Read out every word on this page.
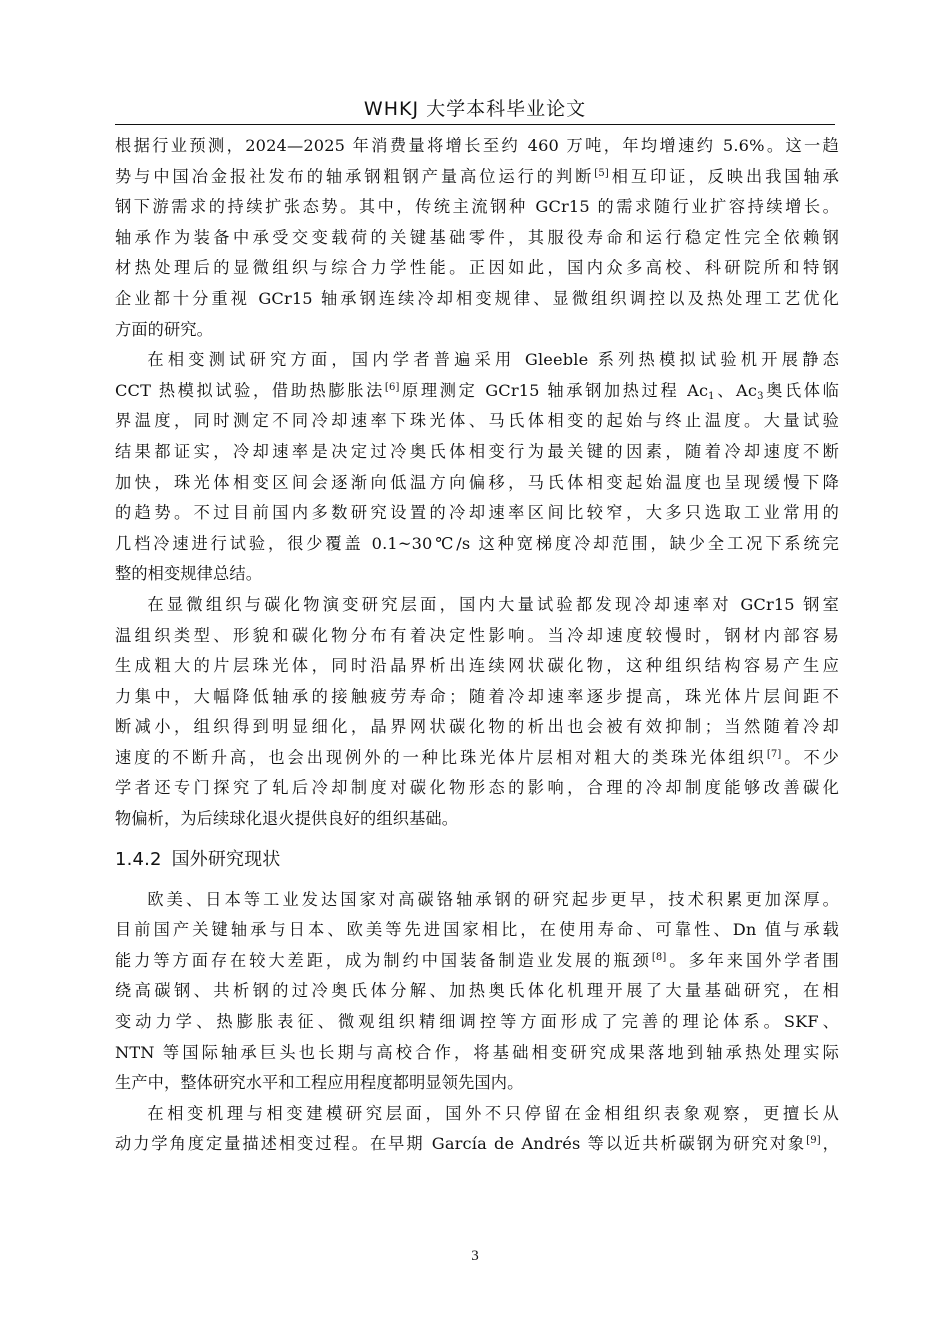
WHKJ 大学本科毕业论文

根据行业预测，2024—2025 年消费量将增长至约 460 万吨，年均增速约 5.6%。这一趋
势与中国冶金报社发布的轴承钢粗钢产量高位运行的判断[5]相互印证，反映出我国轴承
钢下游需求的持续扩张态势。其中，传统主流钢种 GCr15 的需求随行业扩容持续增长。
轴承作为装备中承受交变载荷的关键基础零件，其服役寿命和运行稳定性完全依赖钢
材热处理后的显微组织与综合力学性能。正因如此，国内众多高校、科研院所和特钢
企业都十分重视 GCr15 轴承钢连续冷却相变规律、显微组织调控以及热处理工艺优化
方面的研究。

在相变测试研究方面，国内学者普遍采用 Gleeble 系列热模拟试验机开展静态
CCT 热模拟试验，借助热膨胀法[6]原理测定 GCr15 轴承钢加热过程 $Ac_1$、$Ac_3$奥氏体临
界温度，同时测定不同冷却速率下珠光体、马氏体相变的起始与终止温度。大量试验
结果都证实，冷却速率是决定过冷奥氏体相变行为最关键的因素，随着冷却速度不断
加快，珠光体相变区间会逐渐向低温方向偏移，马氏体相变起始温度也呈现缓慢下降
的趋势。不过目前国内多数研究设置的冷却速率区间比较窄，大多只选取工业常用的
几档冷速进行试验，很少覆盖 0.1~30℃/s 这种宽梯度冷却范围，缺少全工况下系统完
整的相变规律总结。

在显微组织与碳化物演变研究层面，国内大量试验都发现冷却速率对 GCr15 钢室
温组织类型、形貌和碳化物分布有着决定性影响。当冷却速度较慢时，钢材内部容易
生成粗大的片层珠光体，同时沿晶界析出连续网状碳化物，这种组织结构容易产生应
力集中，大幅降低轴承的接触疲劳寿命；随着冷却速率逐步提高，珠光体片层间距不
断减小，组织得到明显细化，晶界网状碳化物的析出也会被有效抑制；当然随着冷却
速度的不断升高，也会出现例外的一种比珠光体片层相对粗大的类珠光体组织[7]。不少
学者还专门探究了轧后冷却制度对碳化物形态的影响，合理的冷却制度能够改善碳化
物偏析，为后续球化退火提供良好的组织基础。

1.4.2 国外研究现状

欧美、日本等工业发达国家对高碳铬轴承钢的研究起步更早，技术积累更加深厚。
目前国产关键轴承与日本、欧美等先进国家相比，在使用寿命、可靠性、Dn 值与承载
能力等方面存在较大差距，成为制约中国装备制造业发展的瓶颈[8]。多年来国外学者围
绕高碳钢、共析钢的过冷奥氏体分解、加热奥氏体化机理开展了大量基础研究，在相
变动力学、热膨胀表征、微观组织精细调控等方面形成了完善的理论体系。SKF、
NTN 等国际轴承巨头也长期与高校合作，将基础相变研究成果落地到轴承热处理实际
生产中，整体研究水平和工程应用程度都明显领先国内。

在相变机理与相变建模研究层面，国外不只停留在金相组织表象观察，更擅长从
动力学角度定量描述相变过程。在早期 García de Andrés 等以近共析碳钢为研究对象[9]，

3
